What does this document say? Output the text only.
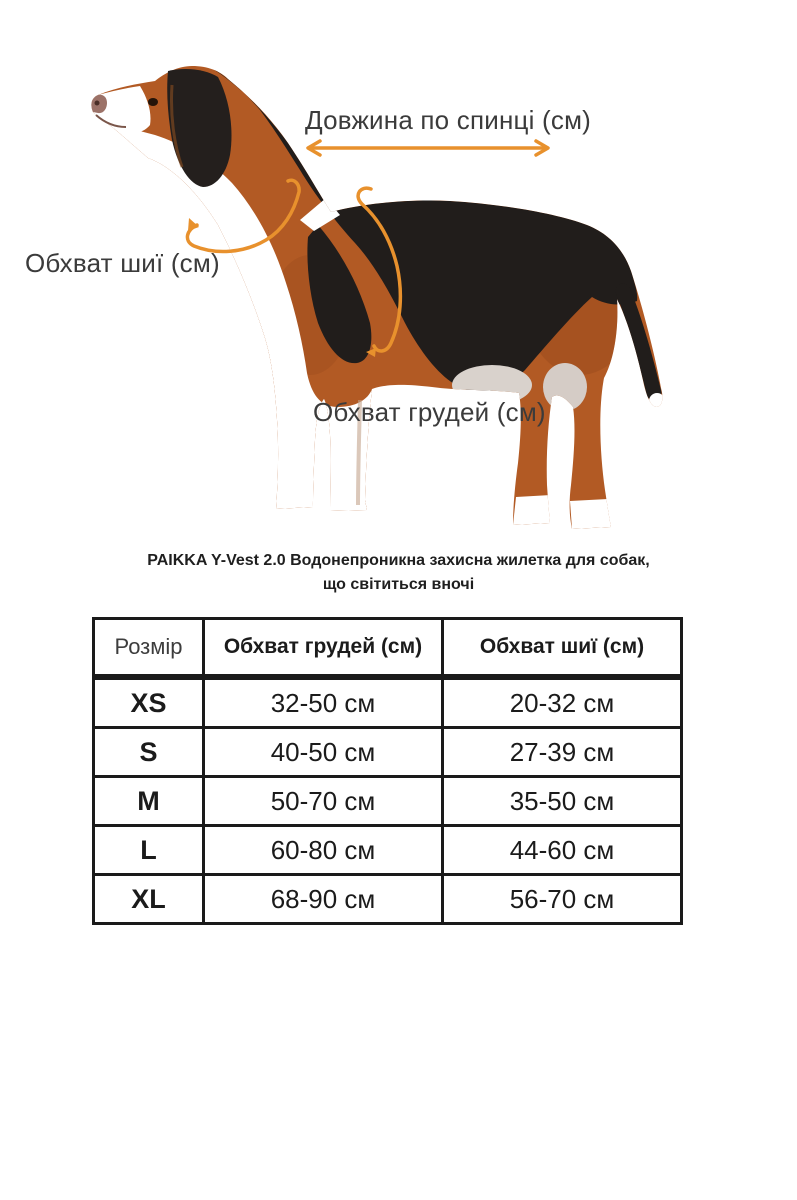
Довжина по спинці (см)
Обхват шиї (см)
Обхват грудей (см)
PAIKKA Y-Vest 2.0 Водонепроникна захисна жилетка для собак,
що світиться вночі
Розмір	Обхват грудей (см)	Обхват шиї (см)
XS	32-50 см	20-32 см
S	40-50 см	27-39 см
M	50-70 см	35-50 см
L	60-80 см	44-60 см
XL	68-90 см	56-70 см
